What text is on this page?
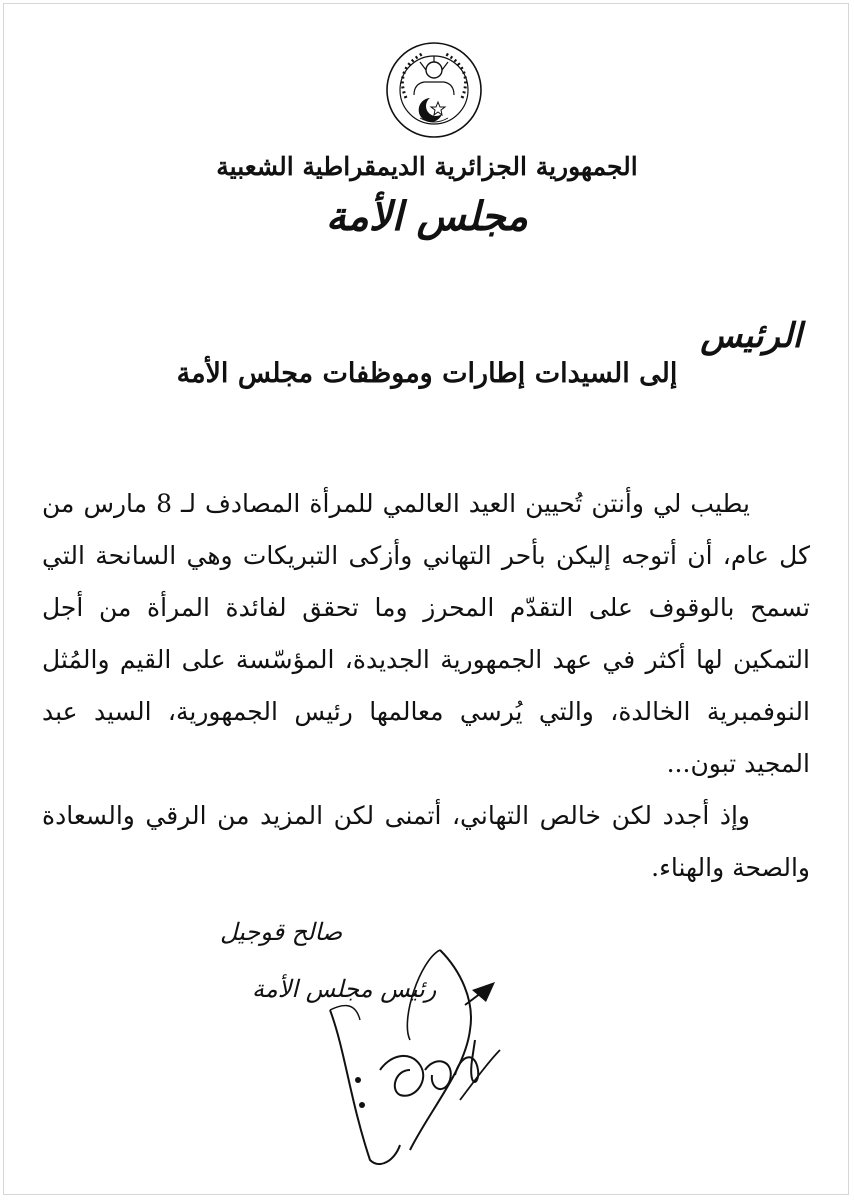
الجمهورية الجزائرية الديمقراطية الشعبية
مجلس الأمة
الرئيس
إلى السيدات إطارات وموظفات مجلس الأمة

يطيب لي وأنتن تُحيين العيد العالمي للمرأة المصادف لـ 8 مارس من كل عام، أن أتوجه إليكن بأحر التهاني وأزكى التبريكات وهي السانحة التي تسمح بالوقوف على التقدّم المحرز وما تحقق لفائدة المرأة من أجل التمكين لها أكثر في عهد الجمهورية الجديدة، المؤسّسة على القيم والمُثل النوفمبرية الخالدة، والتي يُرسي معالمها رئيس الجمهورية، السيد عبد المجيد تبون...

وإذ أجدد لكن خالص التهاني، أتمنى لكن المزيد من الرقي والسعادة والصحة والهناء.

صالح قوجيل
رئيس مجلس الأمة
